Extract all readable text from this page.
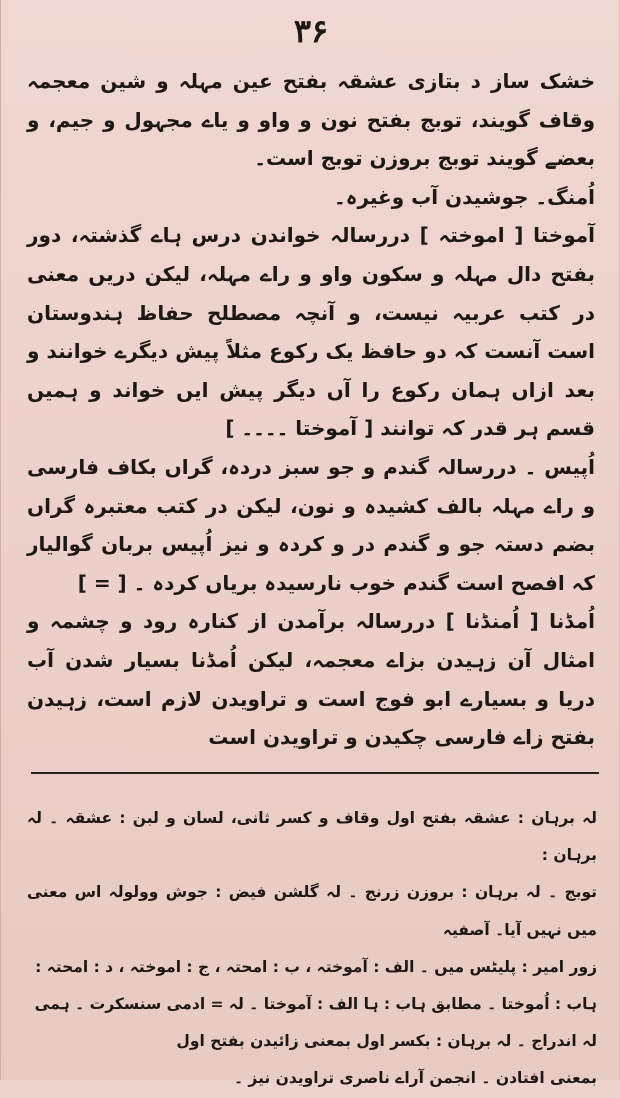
۳۶

خشک ساز د بتازی عشقہ بفتح عین مہلہ و شین معجمہ وقاف گویند، توبج بفتح نون و واو و یاے مجہول و جیم، و بعضے گویند توبج بروزن توبج است۔

اُمنگ۔ جوشیدن آب وغیرہ۔

آموختا [ اموختہ ] دررسالہ خواندن درس ہاے گذشتہ، دور بفتح دال مہلہ و سکون واو و راے مہلہ، لیکن دریں معنی در کتب عربیہ نیست، و آنچہ مصطلح حفاظ ہندوستان است آنست کہ دو حافظ یک رکوع مثلاً پیش دیگرے خوانند و بعد ازاں ہمان رکوع را آں دیگر پیش ایں خواند و ہمیں قسم ہر قدر کہ توانند [ آموختا ۔۔۔۔ ]

اُپیس ۔ دررسالہ گندم و جو سبز دردہ، گراں بکاف فارسی و راے مہلہ بالف کشیدہ و نون، لیکن در کتب معتبرہ گراں بضم دستہ جو و گندم در و کردہ و نیز اُپیس بربان گوالیار کہ افصح است گندم خوب نارسیدہ بریاں کردہ ۔ [ = ]

اُمڈنا [ اُمنڈنا ] دررسالہ برآمدن از کنارہ رود و چشمہ و امثال آن زہیدن بزاے معجمہ، لیکن اُمڈنا بسیار شدن آب دریا و بسیارے ابو فوج است و تراویدن لازم است، زہیدن بفتح زاے فارسی چکیدن و تراویدن است

لہ برہان : عشقہ بفتح اول وقاف و کسر ثانی، لسان و لبن : عشقہ ۔ لہ برہان :

توبج ۔ لہ برہان : بروزن زرنج ۔ لہ گلشن فیض : جوش وولولہ اس معنی میں نہیں آیا۔ آصفیہ

زور امیر : پلیٹس میں ۔ الف : آموختہ ، ب : امحتہ ، ج : اموختہ ، د : امحتہ :

ہاب : اُموختا ۔ مطابق ہاب : ہا الف : آموختا ۔ لہ = ادمی سنسکرت ۔ ہمی

لہ اندراج ۔ لہ برہان : بکسر اول بمعنی زائیدن بفتح اول

بمعنی افتادن ۔ انجمن آراے ناصری تراویدن نیز ۔
